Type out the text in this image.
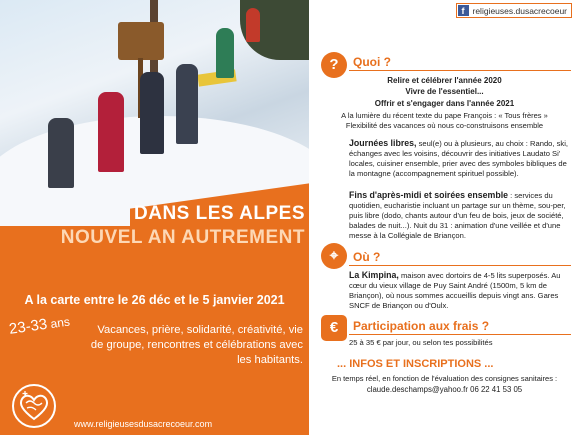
DANS LES ALPES
NOUVEL AN AUTREMENT
A la carte entre le 26 déc et le 5 janvier 2021
23-33 ans	Vacances, prière, solidarité, créativité, vie de groupe, rencontres et célébrations avec les habitants.
www.religieusesdusacrecoeur.com
f religieuses.dusacrecoeur
?	Quoi ?
Relire et célébrer l'année 2020
Vivre de l'essentiel...
Offrir et s'engager dans l'année 2021
A la lumière du récent texte du pape François : « Tous frères »
Flexibilité des vacances où nous co-construisons ensemble
Journées libres, seul(e) ou à plusieurs, au choix : Rando, ski, échanges avec les voisins, découvrir des initiatives Laudato Si' locales, cuisiner ensemble, prier avec des symboles bibliques de la montagne (accompagnement spirituel possible).
Fins d'après-midi et soirées ensemble : services du quotidien, eucharistie incluant un partage sur un thème, sou-per, puis libre (dodo, chants autour d'un feu de bois, jeux de société, balades de nuit...). Nuit du 31 : animation d'une veillée et d'une messe à la Collégiale de Briançon.
⌖	Où ?
La Kimpina, maison avec dortoirs de 4-5 lits superposés. Au cœur du vieux village de Puy Saint André (1500m, 5 km de Briançon), où nous sommes accueillis depuis vingt ans. Gares SNCF de Briançon ou d'Oulx.
€	Participation aux frais ?
25 à 35 € par jour, ou selon tes possibilités
... INFOS ET INSCRIPTIONS ...
En temps réel, en fonction de l'évaluation des consignes sanitaires :
claude.deschamps@yahoo.fr 06 22 41 53 05
